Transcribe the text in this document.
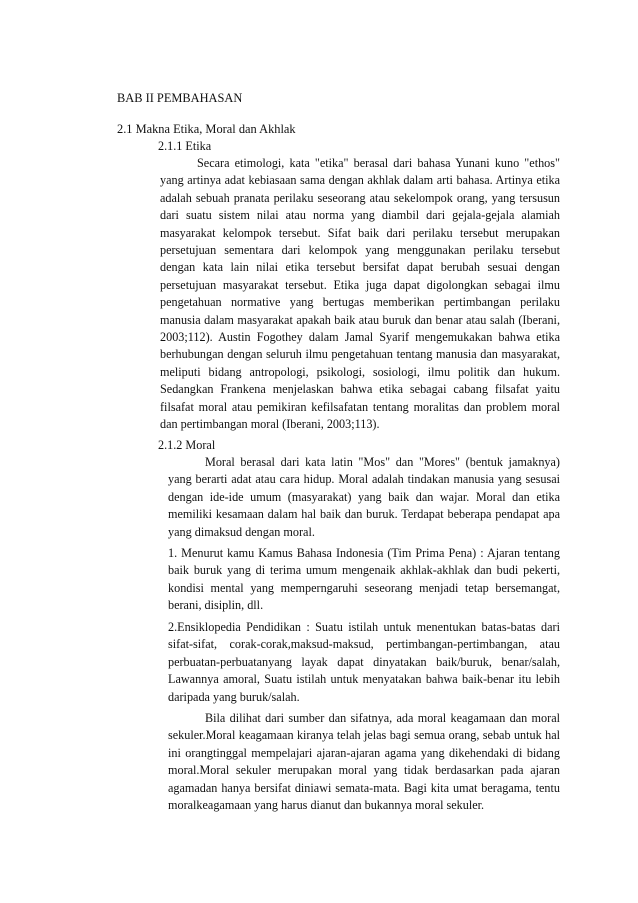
BAB II PEMBAHASAN
2.1 Makna Etika, Moral dan Akhlak
2.1.1 Etika

Secara etimologi, kata "etika" berasal dari bahasa Yunani kuno "ethos" yang artinya adat kebiasaan sama dengan akhlak dalam arti bahasa. Artinya etika adalah sebuah pranata perilaku seseorang atau sekelompok orang, yang tersusun dari suatu sistem nilai atau norma yang diambil dari gejala-gejala alamiah masyarakat kelompok tersebut. Sifat baik dari perilaku tersebut merupakan persetujuan sementara dari kelompok yang menggunakan perilaku tersebut dengan kata lain nilai etika tersebut bersifat dapat berubah sesuai dengan persetujuan masyarakat tersebut. Etika juga dapat digolongkan sebagai ilmu pengetahuan normative yang bertugas memberikan pertimbangan perilaku manusia dalam masyarakat apakah baik atau buruk dan benar atau salah (Iberani, 2003;112). Austin Fogothey dalam Jamal Syarif mengemukakan bahwa etika berhubungan dengan seluruh ilmu pengetahuan tentang manusia dan masyarakat, meliputi bidang antropologi, psikologi, sosiologi, ilmu politik dan hukum. Sedangkan Frankena menjelaskan bahwa etika sebagai cabang filsafat yaitu filsafat moral atau pemikiran kefilsafatan tentang moralitas dan problem moral dan pertimbangan moral (Iberani, 2003;113).

2.1.2 Moral

Moral berasal dari kata latin "Mos" dan "Mores" (bentuk jamaknya) yang berarti adat atau cara hidup. Moral adalah tindakan manusia yang sesusai dengan ide-ide umum (masyarakat) yang baik dan wajar. Moral dan etika memiliki kesamaan dalam hal baik dan buruk. Terdapat beberapa pendapat apa yang dimaksud dengan moral.

1. Menurut kamu Kamus Bahasa Indonesia (Tim Prima Pena) : Ajaran tentang baik buruk yang di terima umum mengenaik akhlak-akhlak dan budi pekerti, kondisi mental yang memperngaruhi seseorang menjadi tetap bersemangat, berani, disiplin, dll.

2.Ensiklopedia Pendidikan : Suatu istilah untuk menentukan batas-batas dari sifat-sifat, corak-corak,maksud-maksud, pertimbangan-pertimbangan, atau perbuatan-perbuatanyang layak dapat dinyatakan baik/buruk, benar/salah, Lawannya amoral, Suatu istilah untuk menyatakan bahwa baik-benar itu lebih daripada yang buruk/salah.

Bila dilihat dari sumber dan sifatnya, ada moral keagamaan dan moral sekuler.Moral keagamaan kiranya telah jelas bagi semua orang, sebab untuk hal ini orangtinggal mempelajari ajaran-ajaran agama yang dikehendaki di bidang moral.Moral sekuler merupakan moral yang tidak berdasarkan pada ajaran agamadan hanya bersifat diniawi semata-mata. Bagi kita umat beragama, tentu moralkeagamaan yang harus dianut dan bukannya moral sekuler.
